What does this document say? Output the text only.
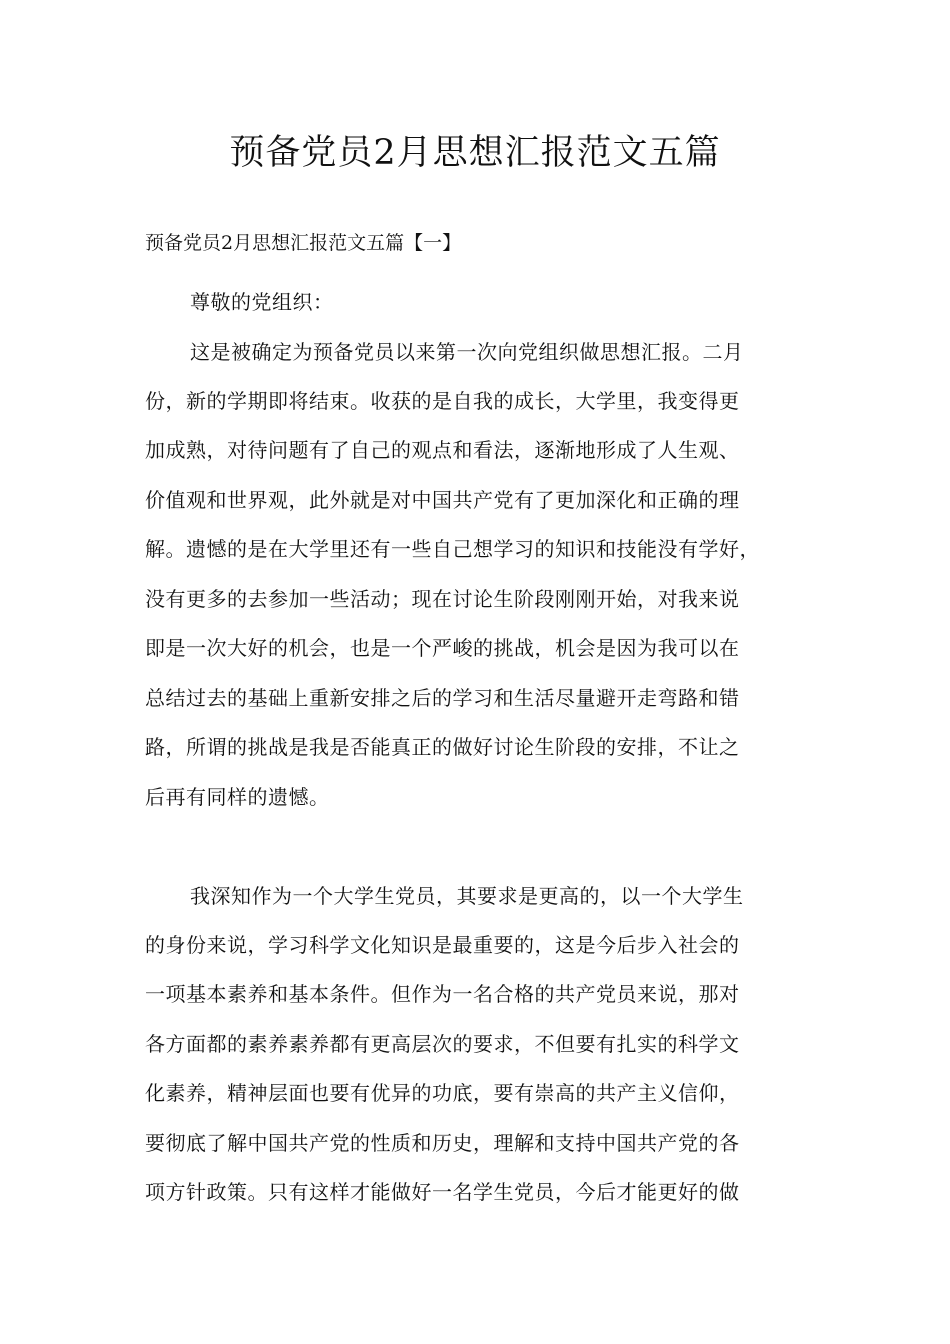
预备党员2月思想汇报范文五篇

预备党员2月思想汇报范文五篇【一】

尊敬的党组织：

这是被确定为预备党员以来第一次向党组织做思想汇报。二月

份，新的学期即将结束。收获的是自我的成长，大学里，我变得更

加成熟，对待问题有了自己的观点和看法，逐渐地形成了人生观、

价值观和世界观，此外就是对中国共产党有了更加深化和正确的理

解。遗憾的是在大学里还有一些自己想学习的知识和技能没有学好，

没有更多的去参加一些活动；现在讨论生阶段刚刚开始，对我来说

即是一次大好的机会，也是一个严峻的挑战，机会是因为我可以在

总结过去的基础上重新安排之后的学习和生活尽量避开走弯路和错

路，所谓的挑战是我是否能真正的做好讨论生阶段的安排，不让之

后再有同样的遗憾。

我深知作为一个大学生党员，其要求是更高的，以一个大学生

的身份来说，学习科学文化知识是最重要的，这是今后步入社会的

一项基本素养和基本条件。但作为一名合格的共产党员来说，那对

各方面都的素养素养都有更高层次的要求，不但要有扎实的科学文

化素养，精神层面也要有优异的功底，要有崇高的共产主义信仰，

要彻底了解中国共产党的性质和历史，理解和支持中国共产党的各

项方针政策。只有这样才能做好一名学生党员，今后才能更好的做
